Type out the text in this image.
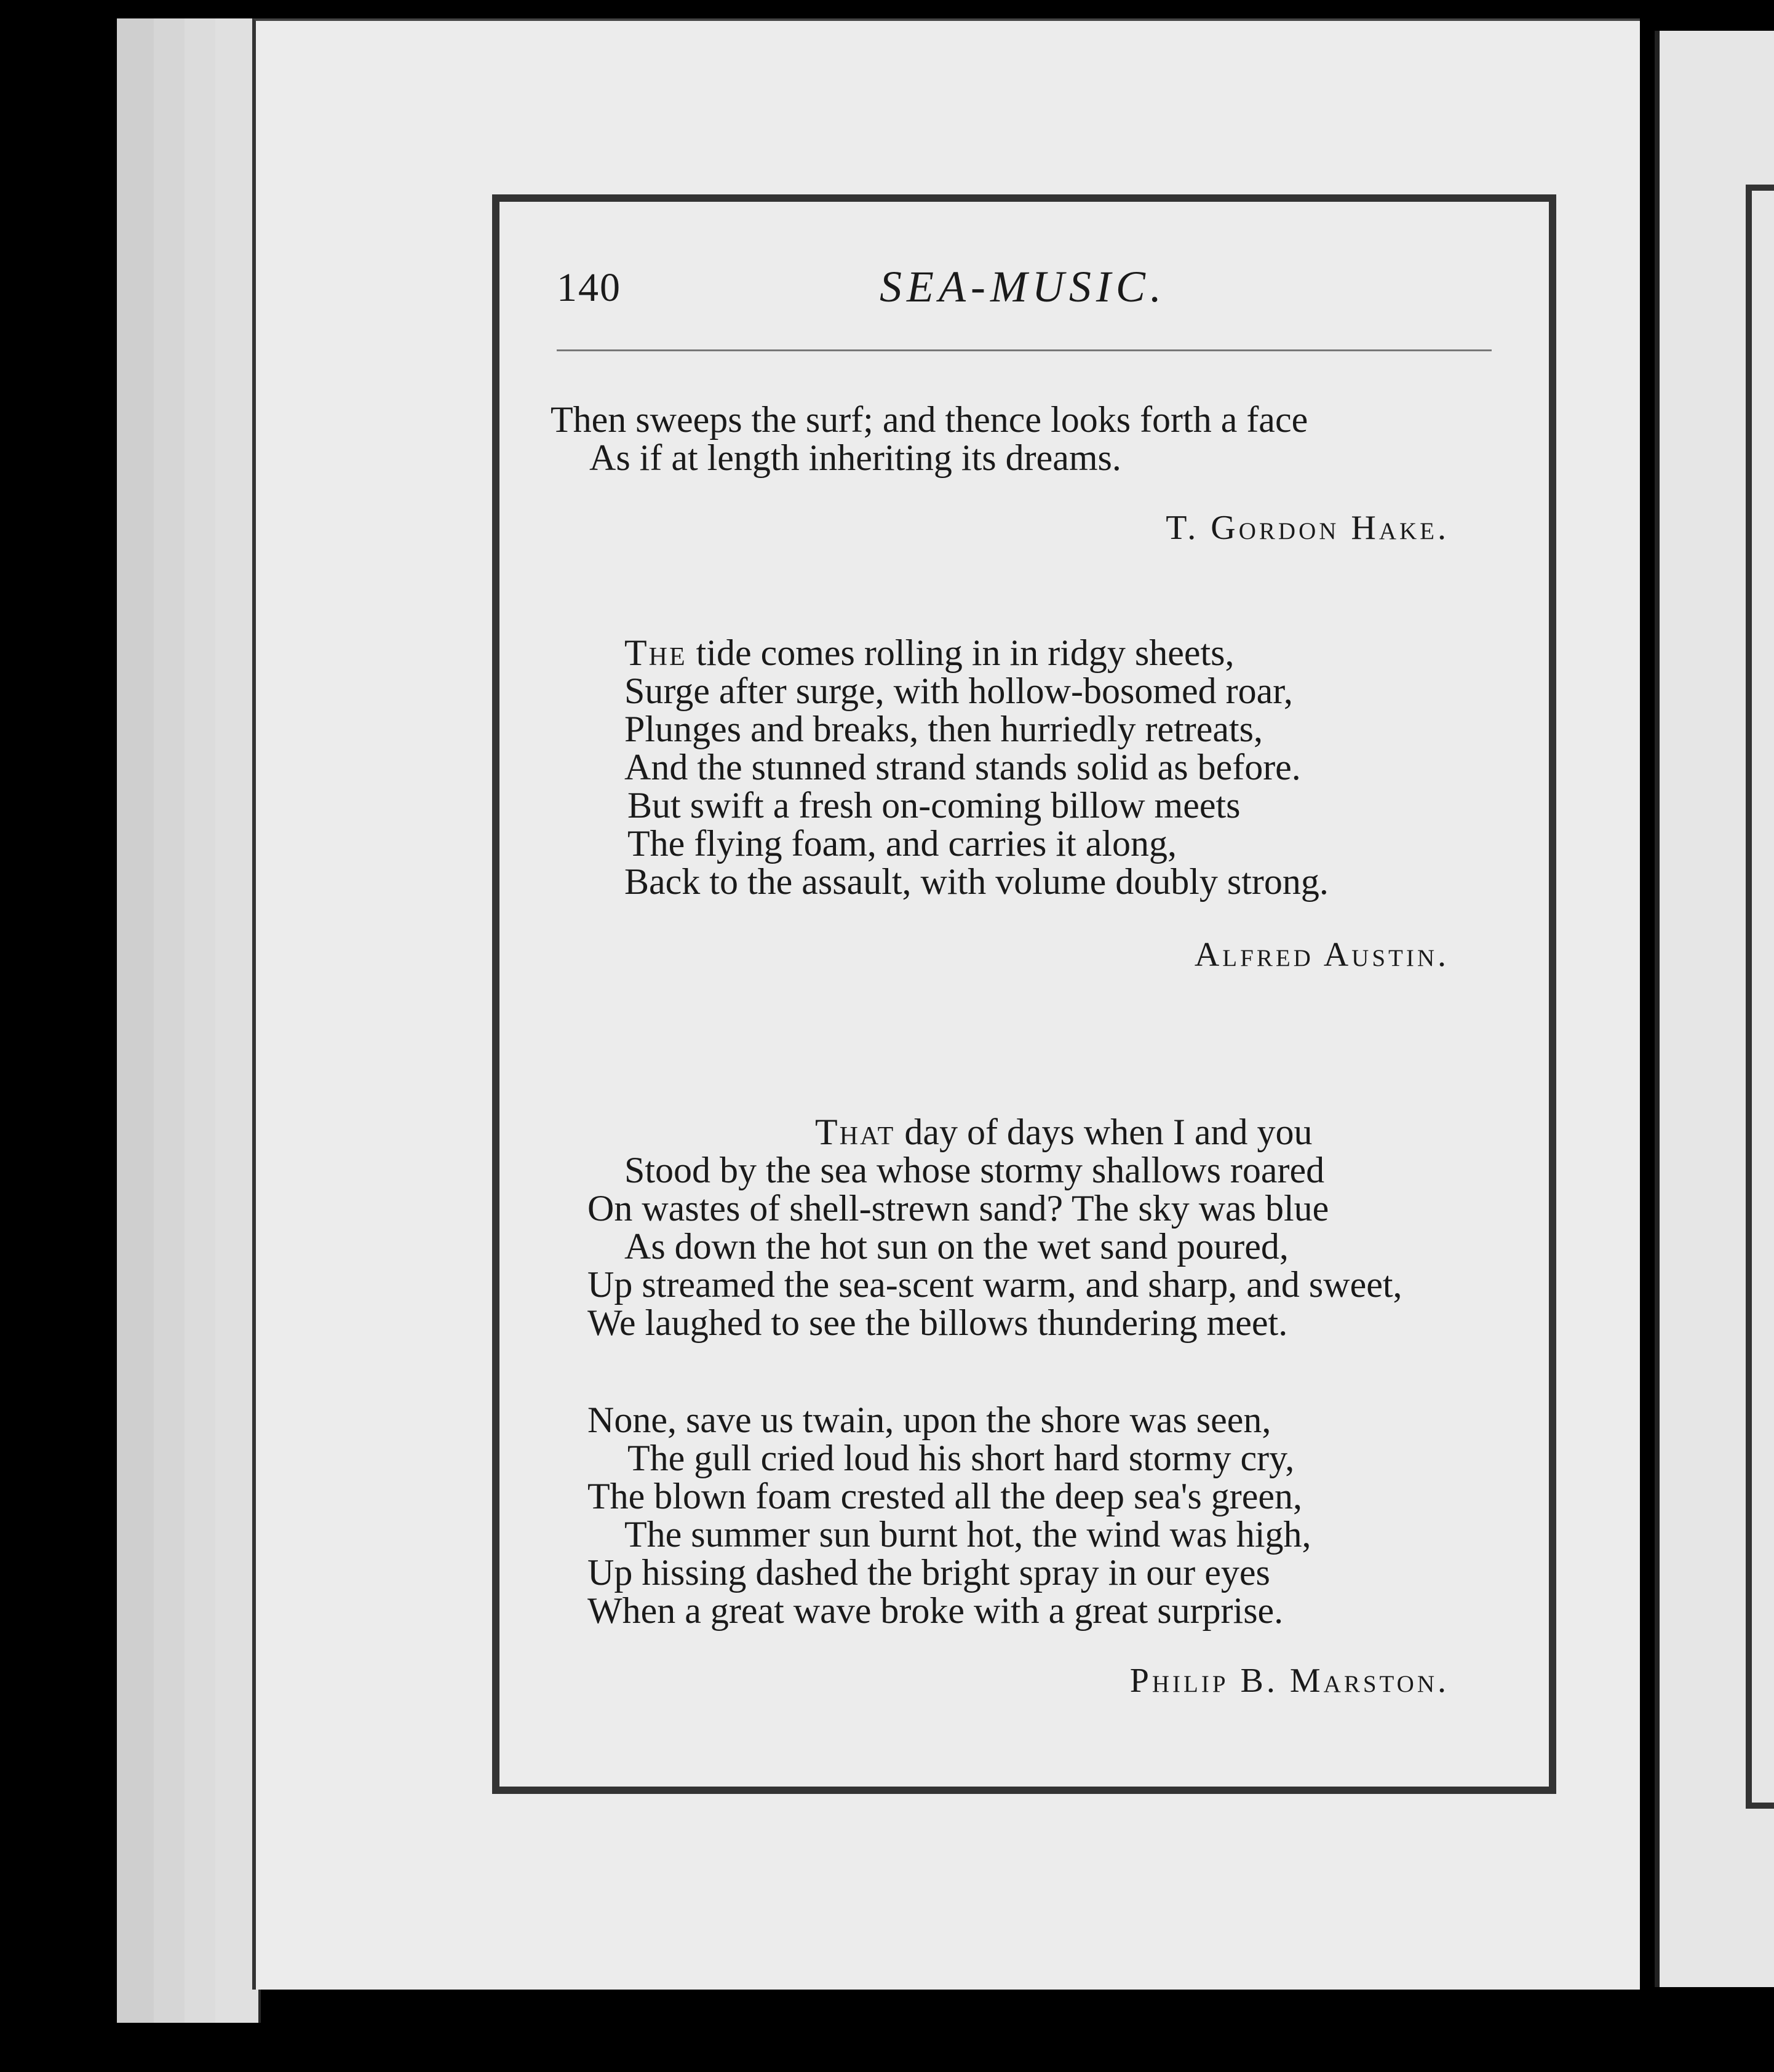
140	SEA-MUSIC.
Then sweeps the surf; and thence looks forth a face
As if at length inheriting its dreams.
T. Gordon Hake.
The tide comes rolling in in ridgy sheets,
Surge after surge, with hollow-bosomed roar,
Plunges and breaks, then hurriedly retreats,
And the stunned strand stands solid as before.
But swift a fresh on-coming billow meets
The flying foam, and carries it along,
Back to the assault, with volume doubly strong.
Alfred Austin.
That day of days when I and you
Stood by the sea whose stormy shallows roared
On wastes of shell-strewn sand? The sky was blue
As down the hot sun on the wet sand poured,
Up streamed the sea-scent warm, and sharp, and sweet,
We laughed to see the billows thundering meet.
None, save us twain, upon the shore was seen,
The gull cried loud his short hard stormy cry,
The blown foam crested all the deep sea's green,
The summer sun burnt hot, the wind was high,
Up hissing dashed the bright spray in our eyes
When a great wave broke with a great surprise.
Philip B. Marston.
